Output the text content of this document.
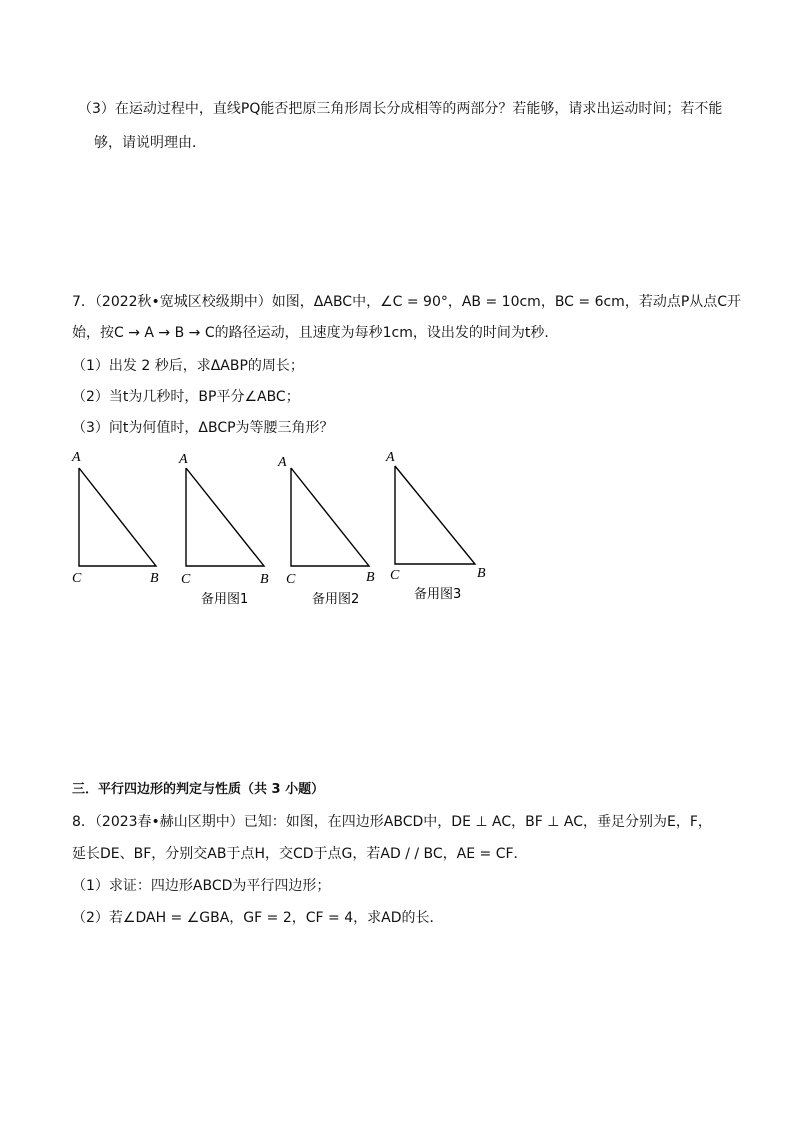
（3）在运动过程中，直线PQ能否把原三角形周长分成相等的两部分？若能够，请求出运动时间；若不能
够，请说明理由．
7．（2022秋•宽城区校级期中）如图，ΔABC中，∠C = 90°，AB = 10cm，BC = 6cm，若动点P从点C开
始，按C → A → B → C的路径运动，且速度为每秒1cm，设出发的时间为t秒．
（1）出发 2 秒后，求ΔABP的周长；
（2）当t为几秒时，BP平分∠ABC；
（3）问t为何值时，ΔBCP为等腰三角形？
A
C	B
A
C	B
备用图1
A
C	B
备用图2
A
C	B
备用图3
三．平行四边形的判定与性质（共 3 小题）
8．（2023春•赫山区期中）已知：如图，在四边形ABCD中，DE ⊥ AC，BF ⊥ AC，垂足分别为E，F，
延长DE、BF，分别交AB于点H，交CD于点G，若AD / / BC，AE = CF．
（1）求证：四边形ABCD为平行四边形；
（2）若∠DAH = ∠GBA，GF = 2，CF = 4，求AD的长．
